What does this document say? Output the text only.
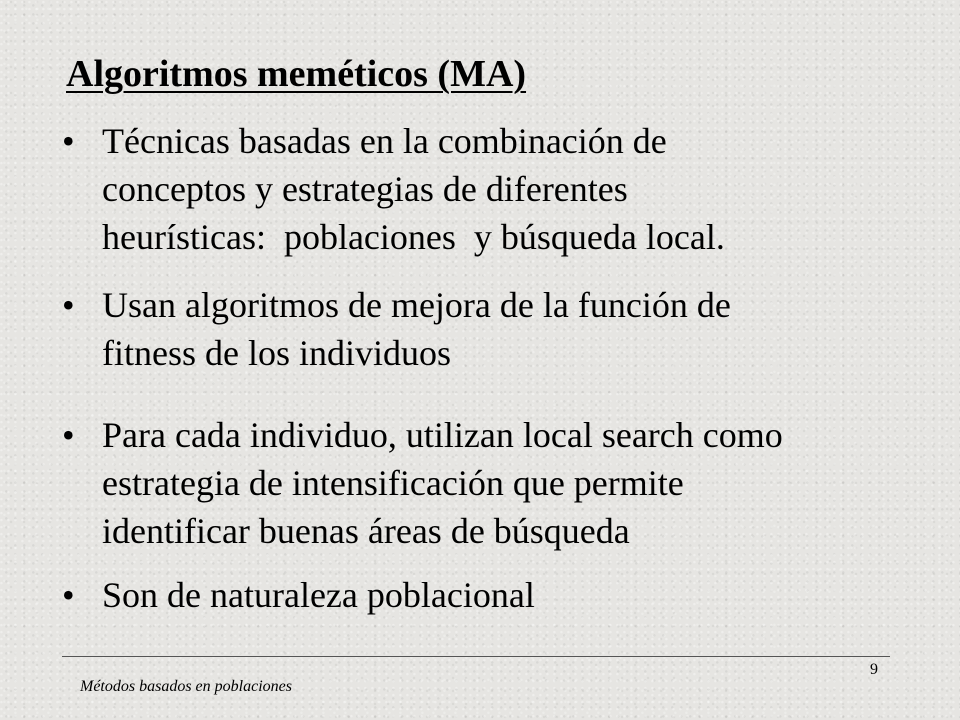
Algoritmos meméticos (MA)
• Técnicas basadas en la combinación de
conceptos y estrategias de diferentes
heurísticas:  poblaciones  y búsqueda local.
• Usan algoritmos de mejora de la función de
fitness de los individuos
• Para cada individuo, utilizan local search como
estrategia de intensificación que permite
identificar buenas áreas de búsqueda
• Son de naturaleza poblacional
Métodos basados en poblaciones
9
